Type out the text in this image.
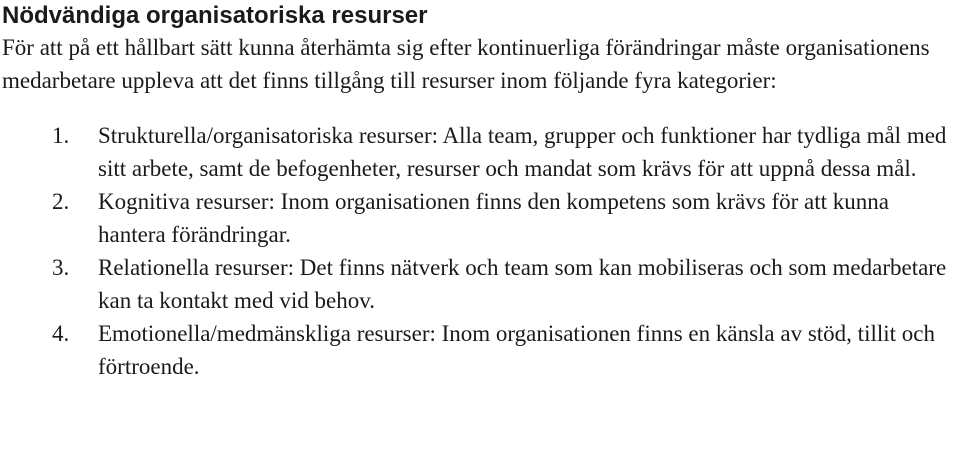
Nödvändiga organisatoriska resurser

För att på ett hållbart sätt kunna återhämta sig efter kontinuerliga förändringar måste organisationens medarbetare uppleva att det finns tillgång till resurser inom följande fyra kategorier:

1. Strukturella/organisatoriska resurser: Alla team, grupper och funktioner har tydliga mål med sitt arbete, samt de befogenheter, resurser och mandat som krävs för att uppnå dessa mål.
2. Kognitiva resurser: Inom organisationen finns den kompetens som krävs för att kunna hantera förändringar.
3. Relationella resurser: Det finns nätverk och team som kan mobiliseras och som medarbetare kan ta kontakt med vid behov.
4. Emotionella/medmänskliga resurser: Inom organisationen finns en känsla av stöd, tillit och förtroende.
